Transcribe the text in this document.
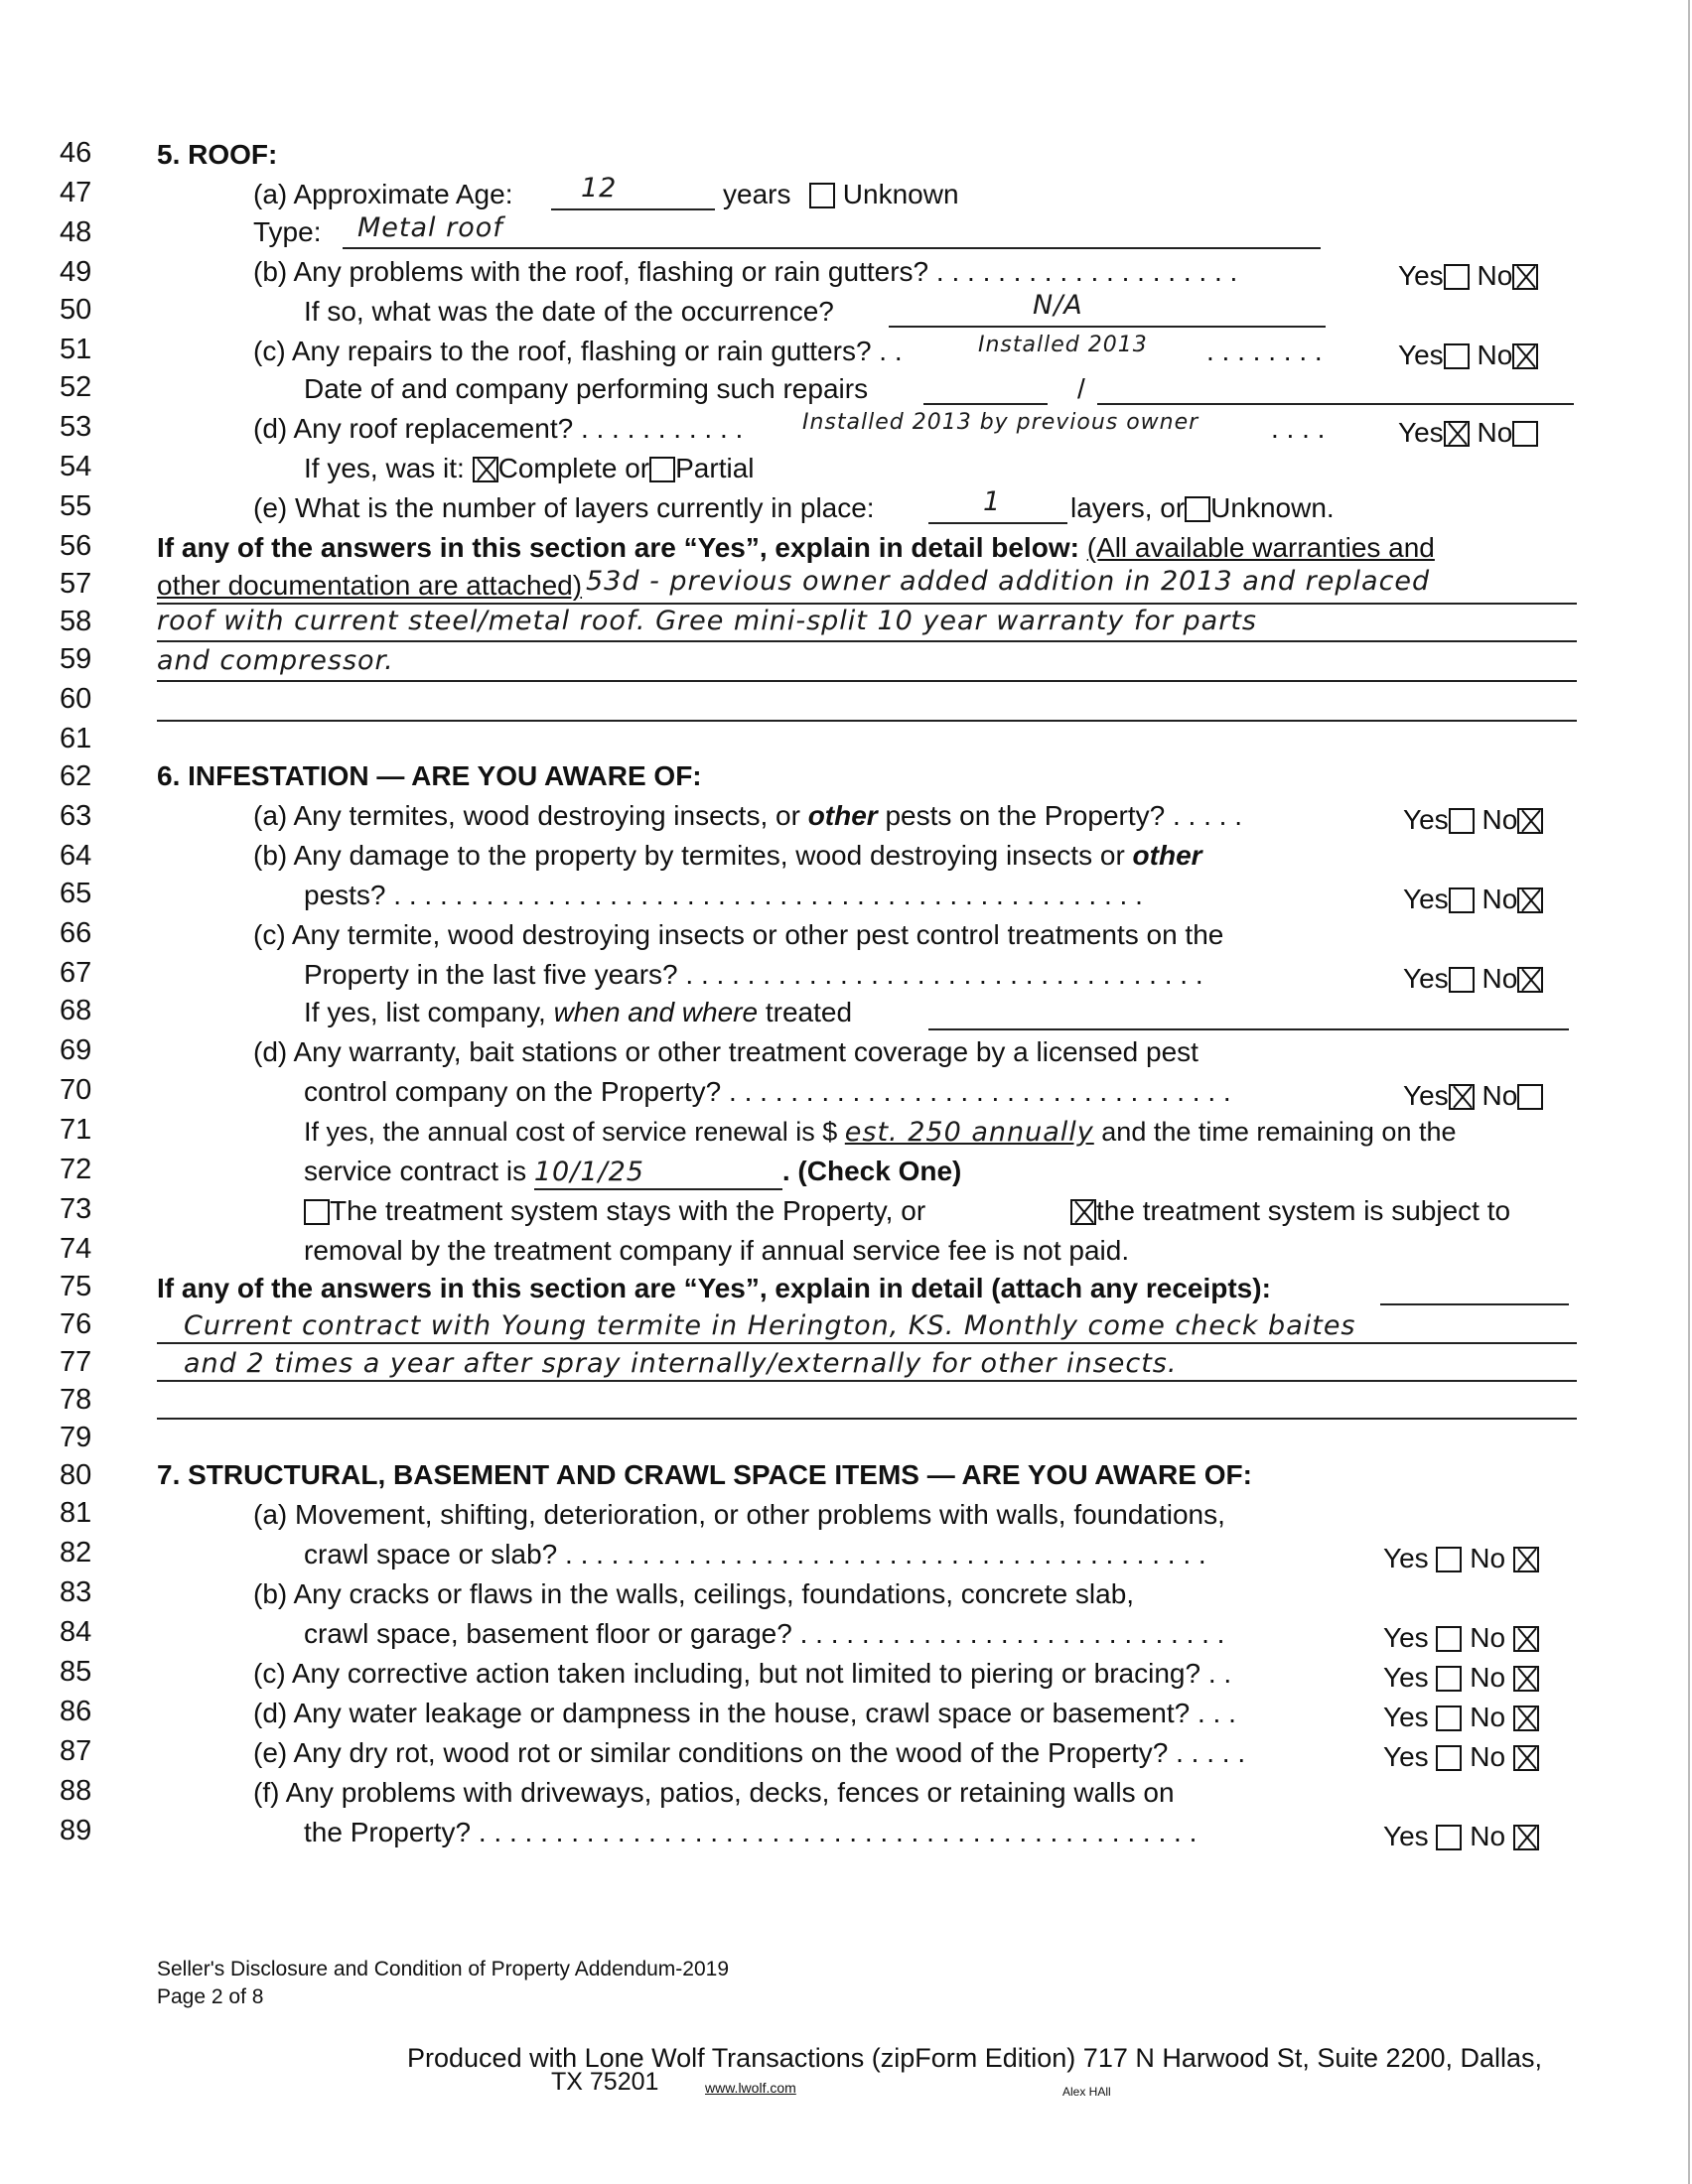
46
47
48
49
50
51
52
53
54
55
56
57
58
59
60
61
62
63
64
65
66
67
68
69
70
71
72
73
74
75
76
77
78
79
80
81
82
83
84
85
86
87
88
89
5. ROOF:
(a) Approximate Age:	12	years	Unknown
Type: Metal roof
(b) Any problems with the roof, flashing or rain gutters? . . . . . . . . . . . . . . . . . . . .	Yes No
If so, what was the date of the occurrence?	N/A
(c) Any repairs to the roof, flashing or rain gutters? . .	Installed 2013 . . . . . . . .	Yes No
Date of and company performing such repairs	/
(d) Any roof replacement? . . . . . . . . . . .	Installed 2013 by previous owner	. . . .	Yes No
If yes, was it: Complete or Partial
(e) What is the number of layers currently in place:	1 layers, or Unknown.
If any of the answers in this section are “Yes”, explain in detail below: (All available warranties and
other documentation are attached) 53d - previous owner added addition in 2013 and replaced
roof with current steel/metal roof. Gree mini-split 10 year warranty for parts
and compressor.
6. INFESTATION — ARE YOU AWARE OF:
(a) Any termites, wood destroying insects, or other pests on the Property? . . . . .	Yes No
(b) Any damage to the property by termites, wood destroying insects or other
pests? . . . . . . . . . . . . . . . . . . . . . . . . . . . . . . . . . . . . . . . . . . . . . . . . .	Yes No
(c) Any termite, wood destroying insects or other pest control treatments on the
Property in the last five years? . . . . . . . . . . . . . . . . . . . . . . . . . . . . . . . . . .	Yes No
If yes, list company, when and where treated
(d) Any warranty, bait stations or other treatment coverage by a licensed pest
control company on the Property? . . . . . . . . . . . . . . . . . . . . . . . . . . . . . . . . .	Yes No
If yes, the annual cost of service renewal is $ est. 250 annually and the time remaining on the
service contract is 10/1/25	. (Check One)
The treatment system stays with the Property, or	the treatment system is subject to
removal by the treatment company if annual service fee is not paid.
If any of the answers in this section are “Yes”, explain in detail (attach any receipts):
Current contract with Young termite in Herington, KS. Monthly come check baites
and 2 times a year after spray internally/externally for other insects.
7. STRUCTURAL, BASEMENT AND CRAWL SPACE ITEMS — ARE YOU AWARE OF:
(a) Movement, shifting, deterioration, or other problems with walls, foundations,
crawl space or slab? . . . . . . . . . . . . . . . . . . . . . . . . . . . . . . . . . . . . . . . . . .	Yes No
(b) Any cracks or flaws in the walls, ceilings, foundations, concrete slab,
crawl space, basement floor or garage? . . . . . . . . . . . . . . . . . . . . . . . . . . . .	Yes No
(c) Any corrective action taken including, but not limited to piering or bracing? . .	Yes No
(d) Any water leakage or dampness in the house, crawl space or basement? . . .	Yes No
(e) Any dry rot, wood rot or similar conditions on the wood of the Property? . . . . .	Yes No
(f) Any problems with driveways, patios, decks, fences or retaining walls on
the Property? . . . . . . . . . . . . . . . . . . . . . . . . . . . . . . . . . . . . . . . . . . . . . . .	Yes No
Seller's Disclosure and Condition of Property Addendum-2019
Page 2 of 8
Produced with Lone Wolf Transactions (zipForm Edition) 717 N Harwood St, Suite 2200, Dallas,
TX 75201	www.lwolf.com	Alex HAll
